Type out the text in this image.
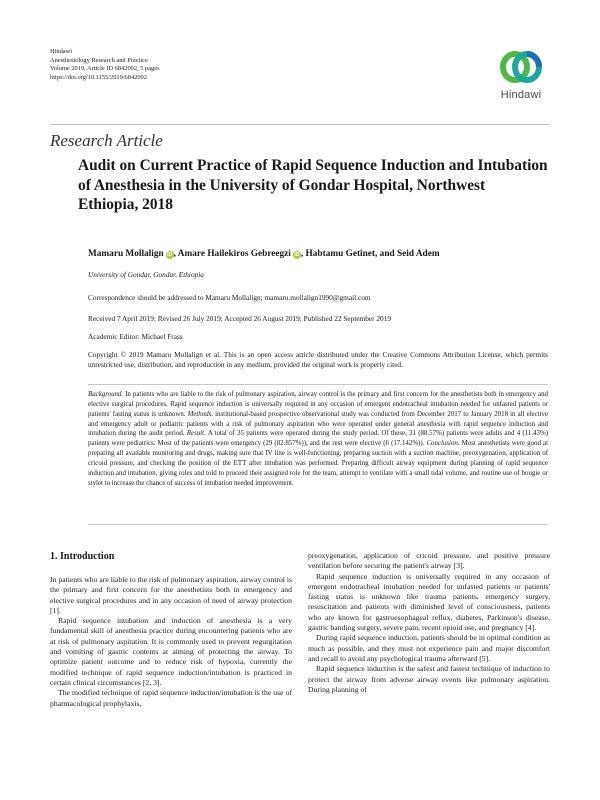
Hindawi
Anesthesiology Research and Practice
Volume 2019, Article ID 6842092, 5 pages
https://doi.org/10.1155/2019/6842092
Hindawi
Research Article
Audit on Current Practice of Rapid Sequence Induction and Intubation of Anesthesia in the University of Gondar Hospital, Northwest Ethiopia, 2018
Mamaru Mollalign iD , Amare Hailekiros Gebreegzi iD , Habtamu Getinet, and Seid Adem
University of Gondar, Gondar, Ethiopia
Correspondence should be addressed to Mamaru Mollalign; mamaru.mollalign1990@gmail.com
Received 7 April 2019; Revised 26 July 2019; Accepted 26 August 2019; Published 22 September 2019
Academic Editor: Michael Frass
Copyright © 2019 Mamaru Mollalign et al. This is an open access article distributed under the Creative Commons Attribution License, which permits unrestricted use, distribution, and reproduction in any medium, provided the original work is properly cited.
Background. In patients who are liable to the risk of pulmonary aspiration, airway control is the primary and first concern for the anesthetists both in emergency and elective surgical procedures. Rapid sequence induction is universally required in any occasion of emergent endotracheal intubation needed for unfasted patients or patients' fasting status is unknown. Methods. institutional-based prospective observational study was conducted from December 2017 to January 2018 in all elective and emergency adult or pediatric patients with a risk of pulmonary aspiration who were operated under general anesthesia with rapid sequence induction and intubation during the audit period. Result. A total of 35 patients were operated during the study period. Of these, 31 (88.57%) patients were adults and 4 (11.43%) patients were pediatrics. Most of the patients were emergency (29 (82.857%)), and the rest were elective (6 (17.142%)). Conclusion. Most anesthetists were good at preparing all available monitoring and drugs, making sure that IV line is well-functioning, preparing suction with a suction machine, preoxygenation, application of cricoid pressure, and checking the position of the ETT after intubation was performed. Preparing difficult airway equipment during planning of rapid sequence induction and intubation, giving roles and told to proceed their assigned role for the team, attempt to ventilate with a small tidal volume, and routine use of bougie or stylet to increase the chance of success of intubation needed improvement.
1. Introduction

In patients who are liable to the risk of pulmonary aspiration, airway control is the primary and first concern for the anesthetists both in emergency and elective surgical procedures and in any occasion of need of airway protection [1].

Rapid sequence intubation and induction of anesthesia is a very fundamental skill of anesthesia practice during encountering patients who are at risk of pulmonary aspiration. It is commonly used to prevent regurgitation and vomiting of gastric contents at aiming of protecting the airway. To optimize patient outcome and to reduce risk of hypoxia, currently the modified technique of rapid sequence induction/intubation is practiced in certain clinical circumstances [2, 3].

The modified technique of rapid sequence induction/intubation is the use of pharmacological prophylaxis,

preoxygenation, application of cricoid pressure, and positive pressure ventilation before securing the patient's airway [3].

Rapid sequence induction is universally required in any occasion of emergent endotracheal intubation needed for unfasted patients or patients' fasting status is unknown like trauma patients, emergency surgery, resuscitation and patients with diminished level of consciousness, patients who are known for gastroesophageal reflux, diabetes, Parkinson's disease, gastric banding surgery, severe pain, recent opioid use, and pregnancy [4].

During rapid sequence induction, patients should be in optimal condition as much as possible, and they must not experience pain and major discomfort and recall to avoid any psychological trauma afterward [5].

Rapid sequence induction is the safest and fastest technique of induction to protect the airway from adverse airway events like pulmonary aspiration. During planning of
